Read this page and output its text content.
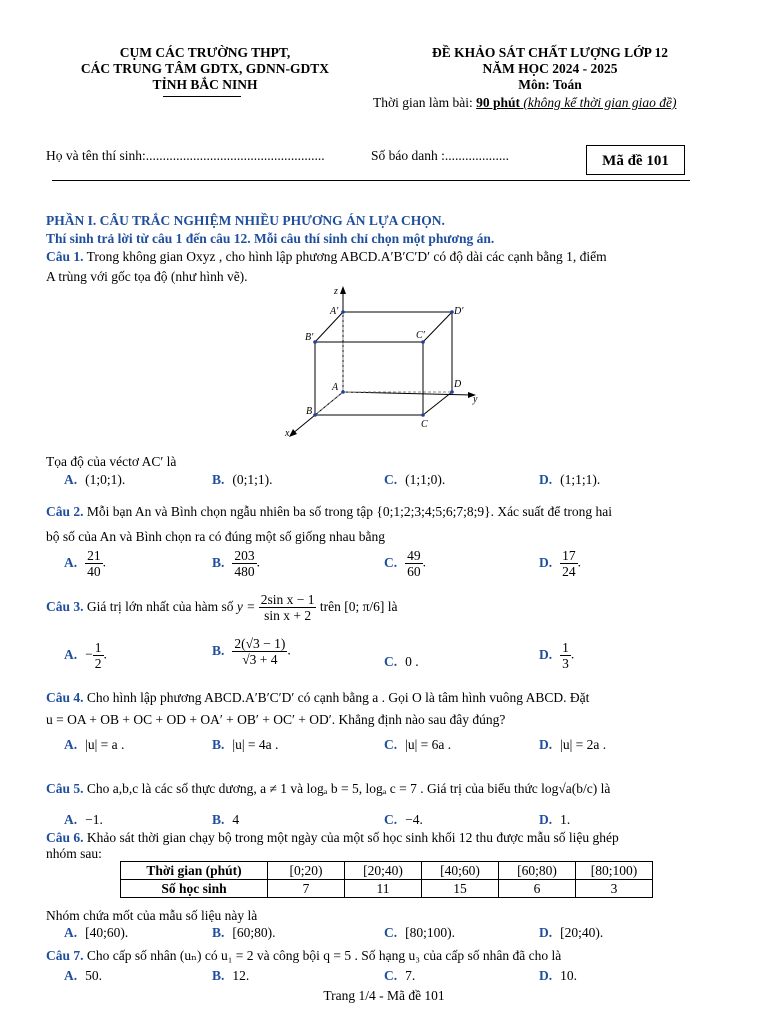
CỤM CÁC TRƯỜNG THPT,
CÁC TRUNG TÂM GDTX, GDNN-GDTX
TỈNH BẮC NINH
ĐỀ KHẢO SÁT CHẤT LƯỢNG LỚP 12
NĂM HỌC 2024 - 2025
Môn: Toán
Thời gian làm bài: 90 phút (không kể thời gian giao đề)
Họ và tên thí sinh:.....................................................	Số báo danh :...................	Mã đề 101
PHẦN I. CÂU TRẮC NGHIỆM NHIỀU PHƯƠNG ÁN LỰA CHỌN.
Thí sinh trả lời từ câu 1 đến câu 12. Mỗi câu thí sinh chỉ chọn một phương án.
Câu 1. Trong không gian Oxyz , cho hình lập phương ABCD.A′B′C′D′ có độ dài các cạnh bằng 1, điểm
A trùng với gốc tọa độ (như hình vẽ).
z
y
x
A′
B′	C′
D′
A
B
C
D
Tọa độ của véctơ AC′ là
A. (1;0;1).	B. (0;1;1).	C. (1;1;0).	D. (1;1;1).
Câu 2. Mỗi bạn An và Bình chọn ngẫu nhiên ba số trong tập {0;1;2;3;4;5;6;7;8;9}. Xác suất để trong hai
bộ số của An và Bình chọn ra có đúng một số giống nhau bằng
A. $\frac{21}{40}$ .	B. $\frac{203}{480}$ .	C. $\frac{49}{60}$ .	D. $\frac{17}{24}$ .
Câu 3. Giá trị lớn nhất của hàm số $y = \frac{\text{2sin x − 1}}{\text{sin x + 2}}$ trên [0; π/6] là
A. − $\frac{1}{2}$ .	B. $\frac{2(√3 - 1)}{√3 + 4}$ .
C. 0 .	D. $\frac{1}{3}$ .
Câu 4. Cho hình lập phương ABCD.A′B′C′D′ có cạnh bằng a . Gọi O là tâm hình vuông ABCD. Đặt
u = OA + OB + OC + OD + OA′ + OB′ + OC′ + OD′. Khẳng định nào sau đây đúng?
A. |u| = a .	B. |u| = 4a .	C. |u| = 6a .	D. |u| = 2a .
Câu 5. Cho a,b,c là các số thực dương, a ≠ 1 và logₐ b = 5, logₐ c = 7 . Giá trị của biểu thức log√a(b/c) là
A. −1.	B. 4	C. −4.	D. 1.
Câu 6. Khảo sát thời gian chạy bộ trong một ngày của một số học sinh khối 12 thu được mẫu số liệu ghép
nhóm sau:
Thời gian (phút)	[0;20)	[20;40)	[40;60)	[60;80)	[80;100)
Số học sinh	7	11	15	6	3
Nhóm chứa mốt của mẫu số liệu này là
A. [40;60).	B. [60;80).	C. [80;100).	D. [20;40).
Câu 7. Cho cấp số nhân (uₙ) có u₁ = 2 và công bội q = 5 . Số hạng u₃ của cấp số nhân đã cho là
A. 50.	B. 12.	C. 7.	D. 10.
Trang 1/4 - Mã đề 101
